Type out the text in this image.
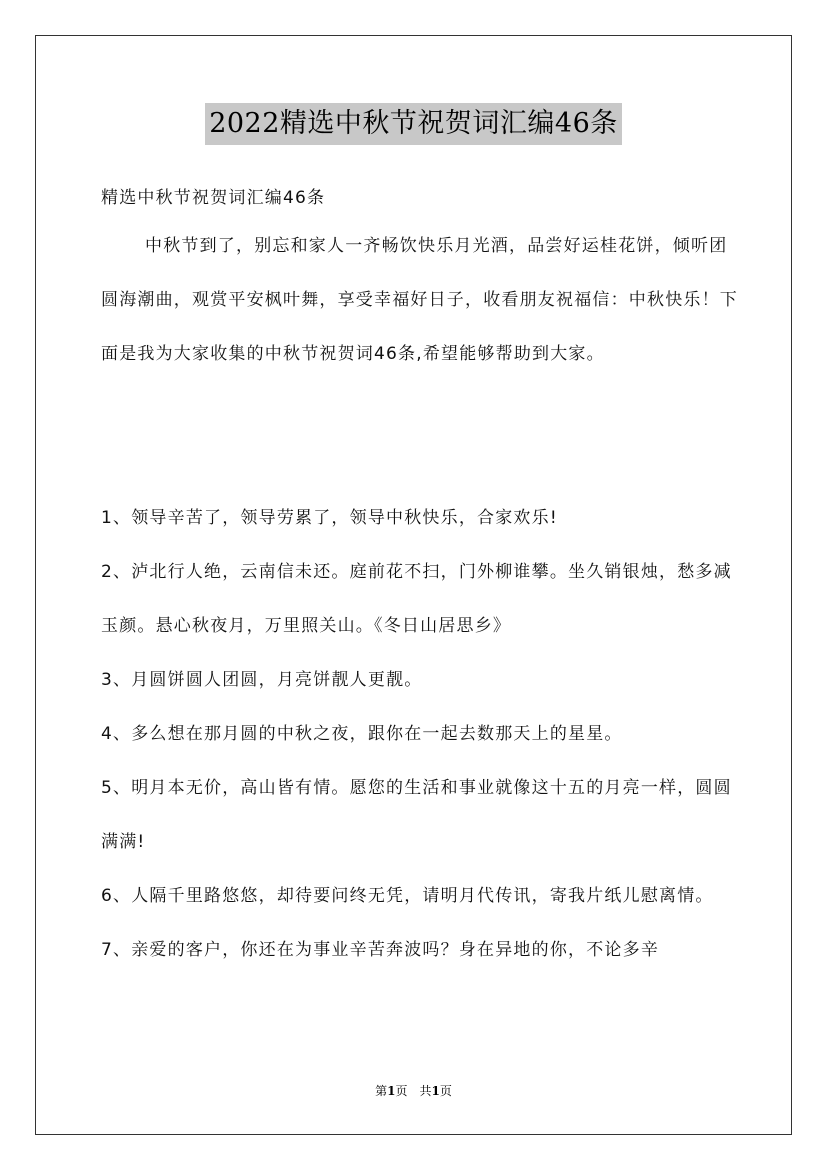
2022精选中秋节祝贺词汇编46条
精选中秋节祝贺词汇编46条
中秋节到了，别忘和家人一齐畅饮快乐月光酒，品尝好运桂花饼，倾听团圆海潮曲，观赏平安枫叶舞，享受幸福好日子，收看朋友祝福信：中秋快乐！下面是我为大家收集的中秋节祝贺词46条,希望能够帮助到大家。

1、领导辛苦了，领导劳累了，领导中秋快乐，合家欢乐!

2、泸北行人绝，云南信未还。庭前花不扫，门外柳谁攀。坐久销银烛，愁多减玉颜。悬心秋夜月，万里照关山。《冬日山居思乡》

3、月圆饼圆人团圆，月亮饼靓人更靓。

4、多么想在那月圆的中秋之夜，跟你在一起去数那天上的星星。

5、明月本无价，高山皆有情。愿您的生活和事业就像这十五的月亮一样，圆圆满满!

6、人隔千里路悠悠，却待要问终无凭，请明月代传讯，寄我片纸儿慰离情。

7、亲爱的客户，你还在为事业辛苦奔波吗？身在异地的你，不论多辛

第1页　共1页
